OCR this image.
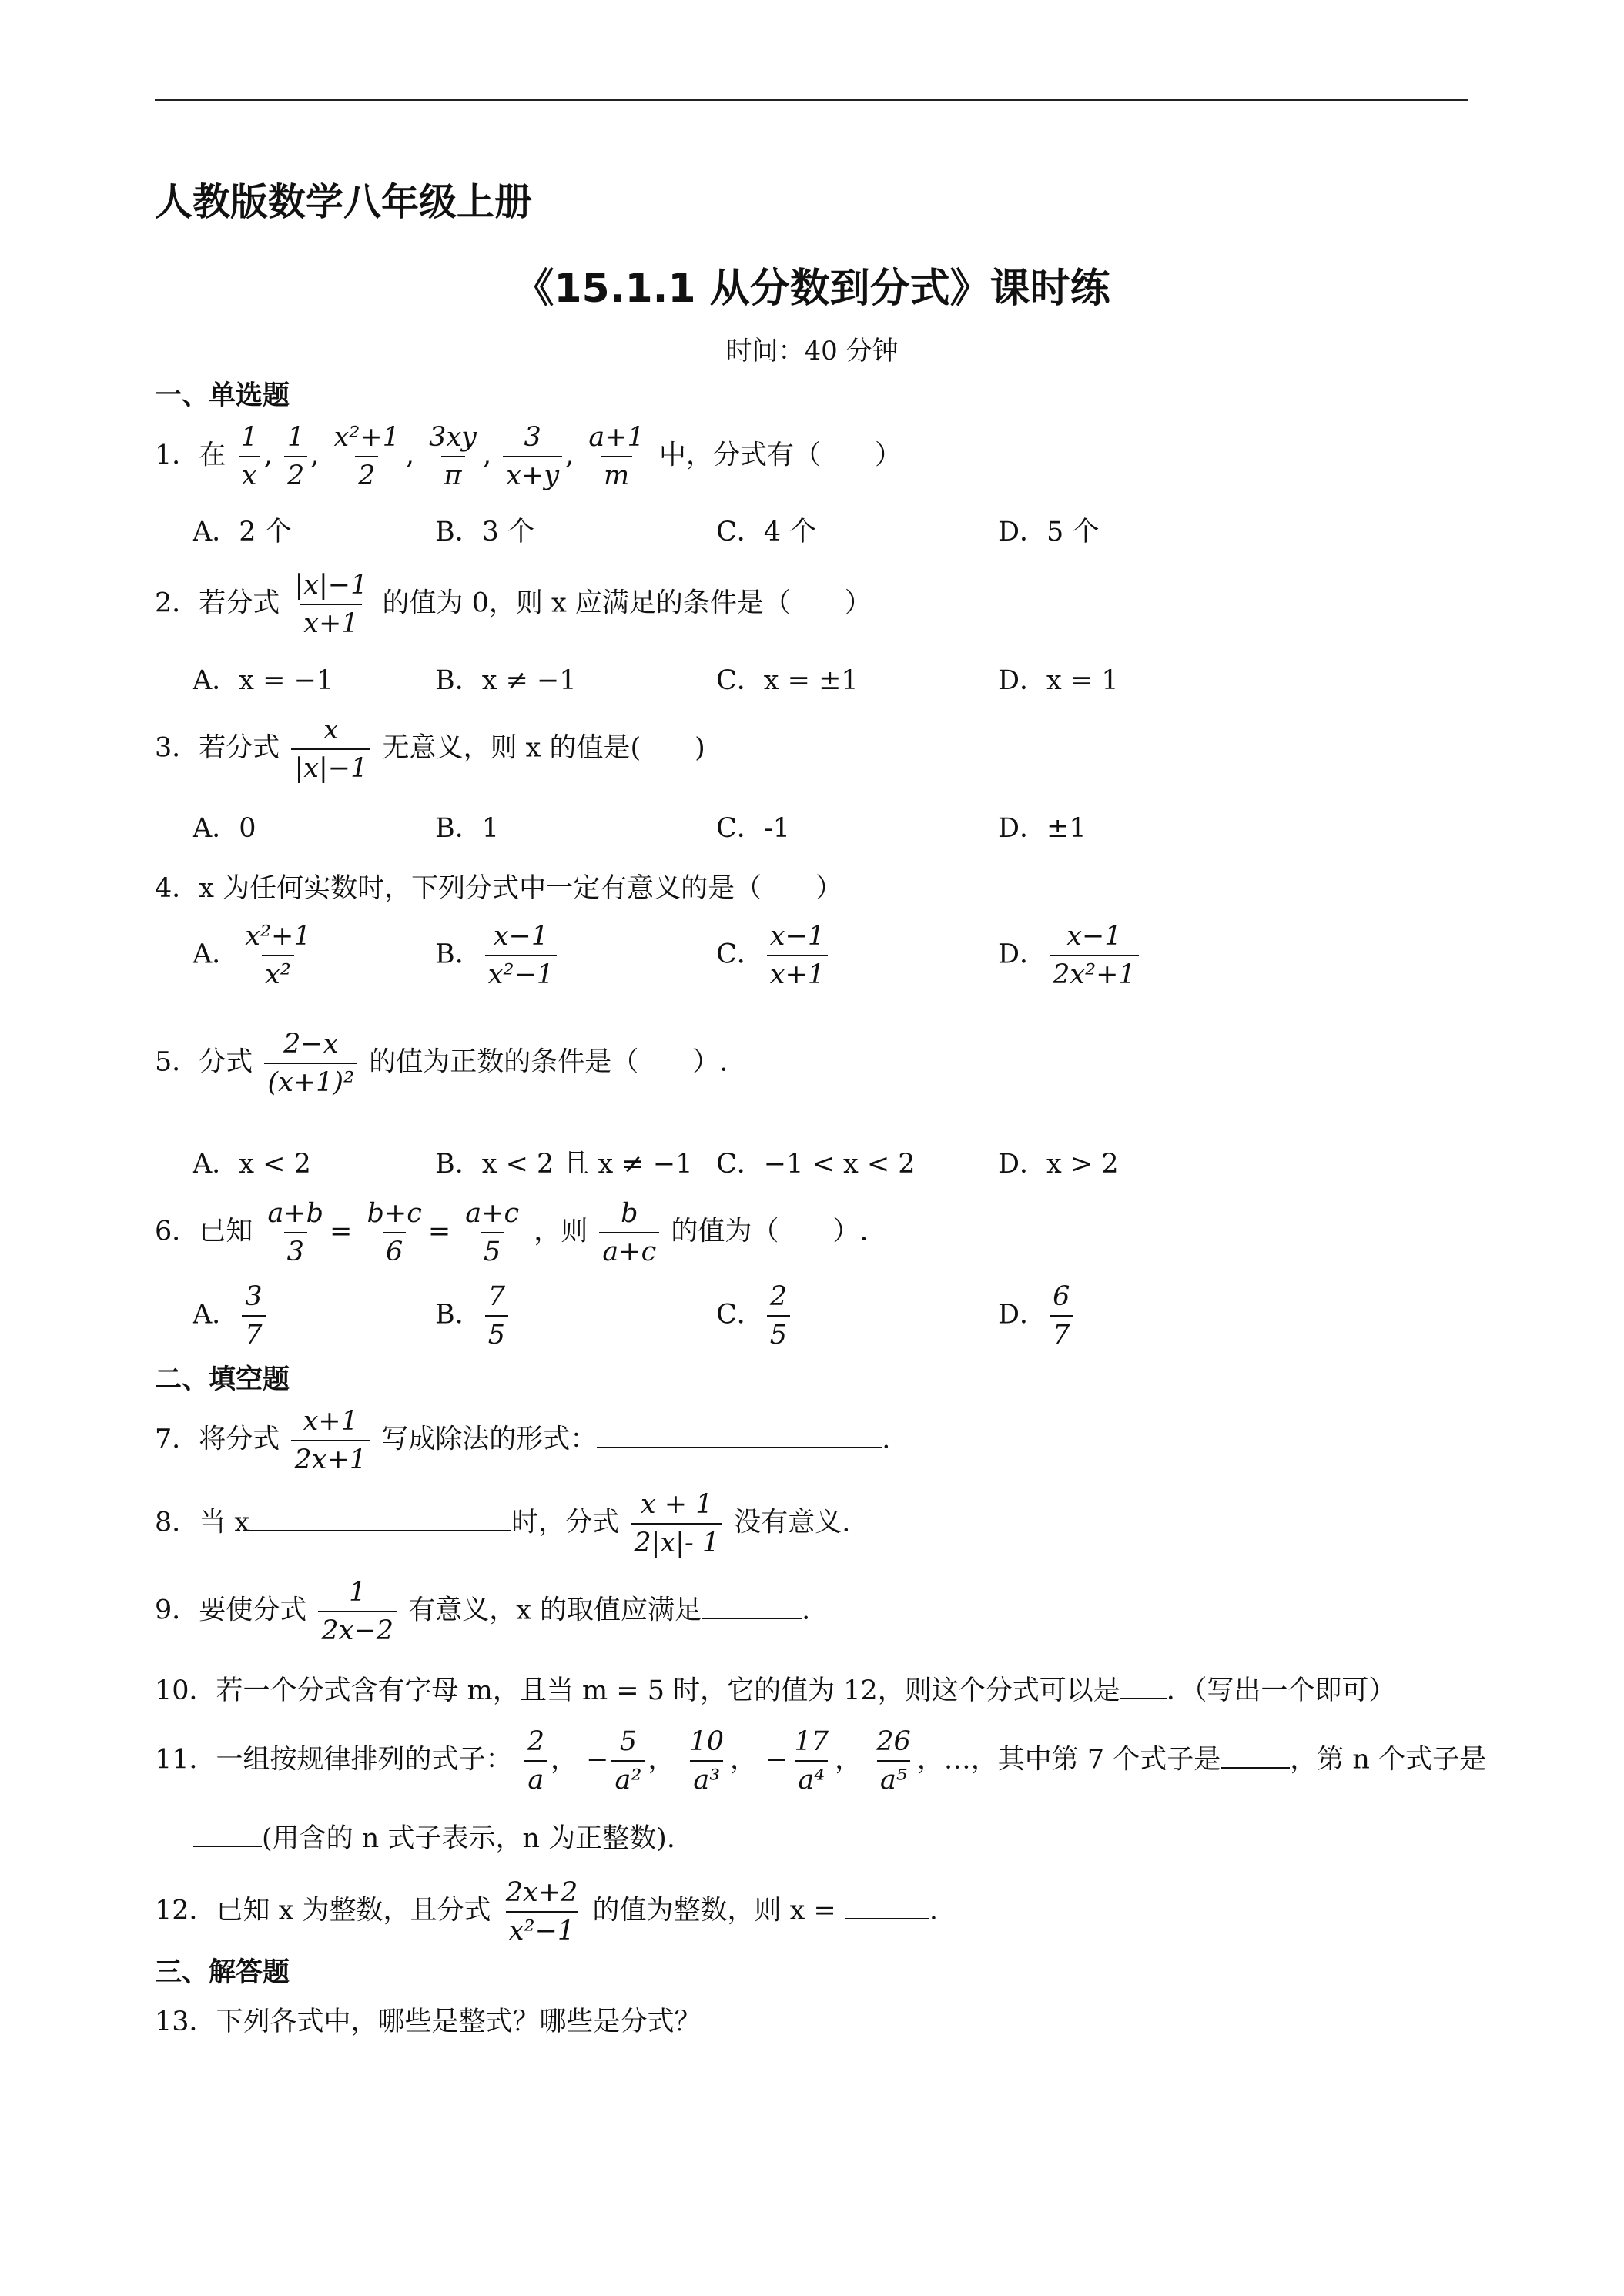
人教版数学八年级上册
《15.1.1 从分数到分式》课时练
时间：40 分钟
一、单选题
1．在 $\frac{1}{x}$ , $\frac{1}{2}$ , $\frac{\text{x²+1}}{2}$ , $\frac{3xy}{\pi}$ , $\frac{3}{x+y}$ , $\frac{a+1}{m}$ 中，分式有（　　）
A．2 个	B．3 个	C．4 个	D．5 个
2．若分式 $\frac{|x|-1}{x+1}$ 的值为 0，则 x 应满足的条件是（　　）
A．x = −1	B．x ≠ −1	C．x = ±1	D．x = 1
3．若分式 $\frac{x}{|x|-1}$ 无意义，则 x 的值是(　　)
A．0	B．1	C．-1	D．±1
4．x 为任何实数时，下列分式中一定有意义的是（　　）
A． $\frac{\text{x²+1}}{\text{x²}}$	B． $\frac{x-1}{\text{x²−1}}$	C． $\frac{x-1}{x+1}$	D． $\frac{x-1}{\text{2x²+1}}$
5．分式 $\frac{2-x}{\text{(x+1)²}}$ 的值为正数的条件是（　　）.
A．x < 2	B．x < 2 且 x ≠ −1 C．−1 < x < 2	D．x > 2
6．已知 $\frac{a+b}{3} = \frac{b+c}{6} = \frac{a+c}{5}$ ，则 $\frac{b}{a+c}$ 的值为（　　）.
A． $\frac{3}{7}$	B． $\frac{7}{5}$	C． $\frac{2}{5}$	D． $\frac{6}{7}$
二、填空题
7．将分式 $\frac{x+1}{2x+1}$ 写成除法的形式：	.
8．当 x	时，分式 $\frac{x + 1}{2|x|- 1}$ 没有意义.
9．要使分式 $\frac{1}{2x-2}$ 有意义，x 的取值应满足	.
10．若一个分式含有字母 m，且当 m = 5 时，它的值为 12，则这个分式可以是 ．（写出一个即可）
11．一组按规律排列的式子： $\frac{2}{a}$ ， − $\frac{5}{\text{a²}}$ ， $\frac{10}{\text{a³}}$ ， − $\frac{17}{\text{a⁴}}$ ， $\frac{26}{\text{a⁵}}$ ，…，其中第 7 个式子是	，第 n 个式子是
(用含的 n 式子表示，n 为正整数).
12．已知 x 为整数，且分式 $\frac{2x+2}{\text{x²−1}}$ 的值为整数，则 x =	.
三、解答题
13．下列各式中，哪些是整式？哪些是分式？
